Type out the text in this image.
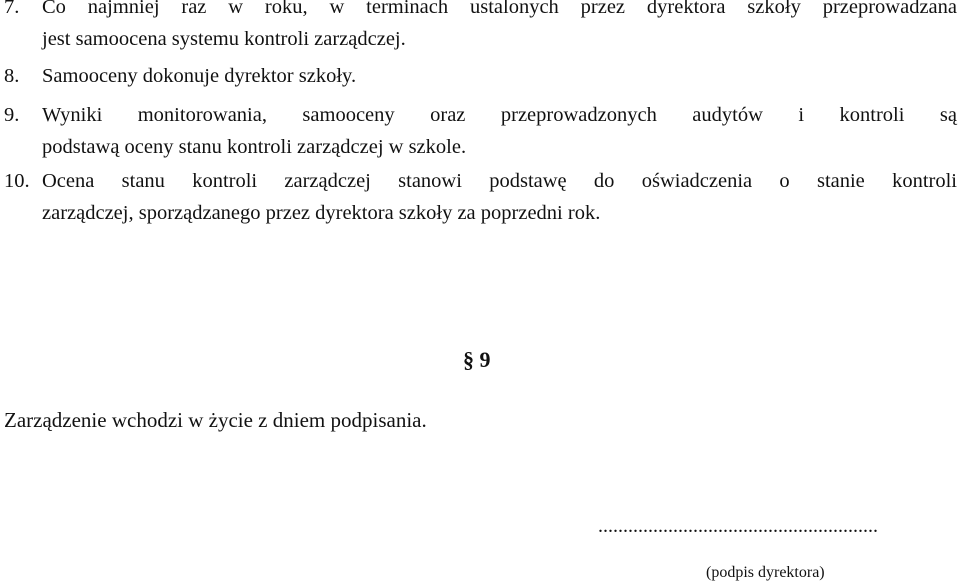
7.	Co najmniej raz w roku, w terminach ustalonych przez dyrektora szkoły przeprowadzana
jest samoocena systemu kontroli zarządczej.
8.	Samooceny dokonuje dyrektor szkoły.
9.	Wyniki monitorowania, samooceny oraz przeprowadzonych audytów i kontroli są
podstawą oceny stanu kontroli zarządczej w szkole.
10. Ocena stanu kontroli zarządczej stanowi podstawę do oświadczenia o stanie kontroli
zarządczej, sporządzanego przez dyrektora szkoły za poprzedni rok.
§ 9
Zarządzenie wchodzi w życie z dniem podpisania.
........................................................
(podpis dyrektora)
